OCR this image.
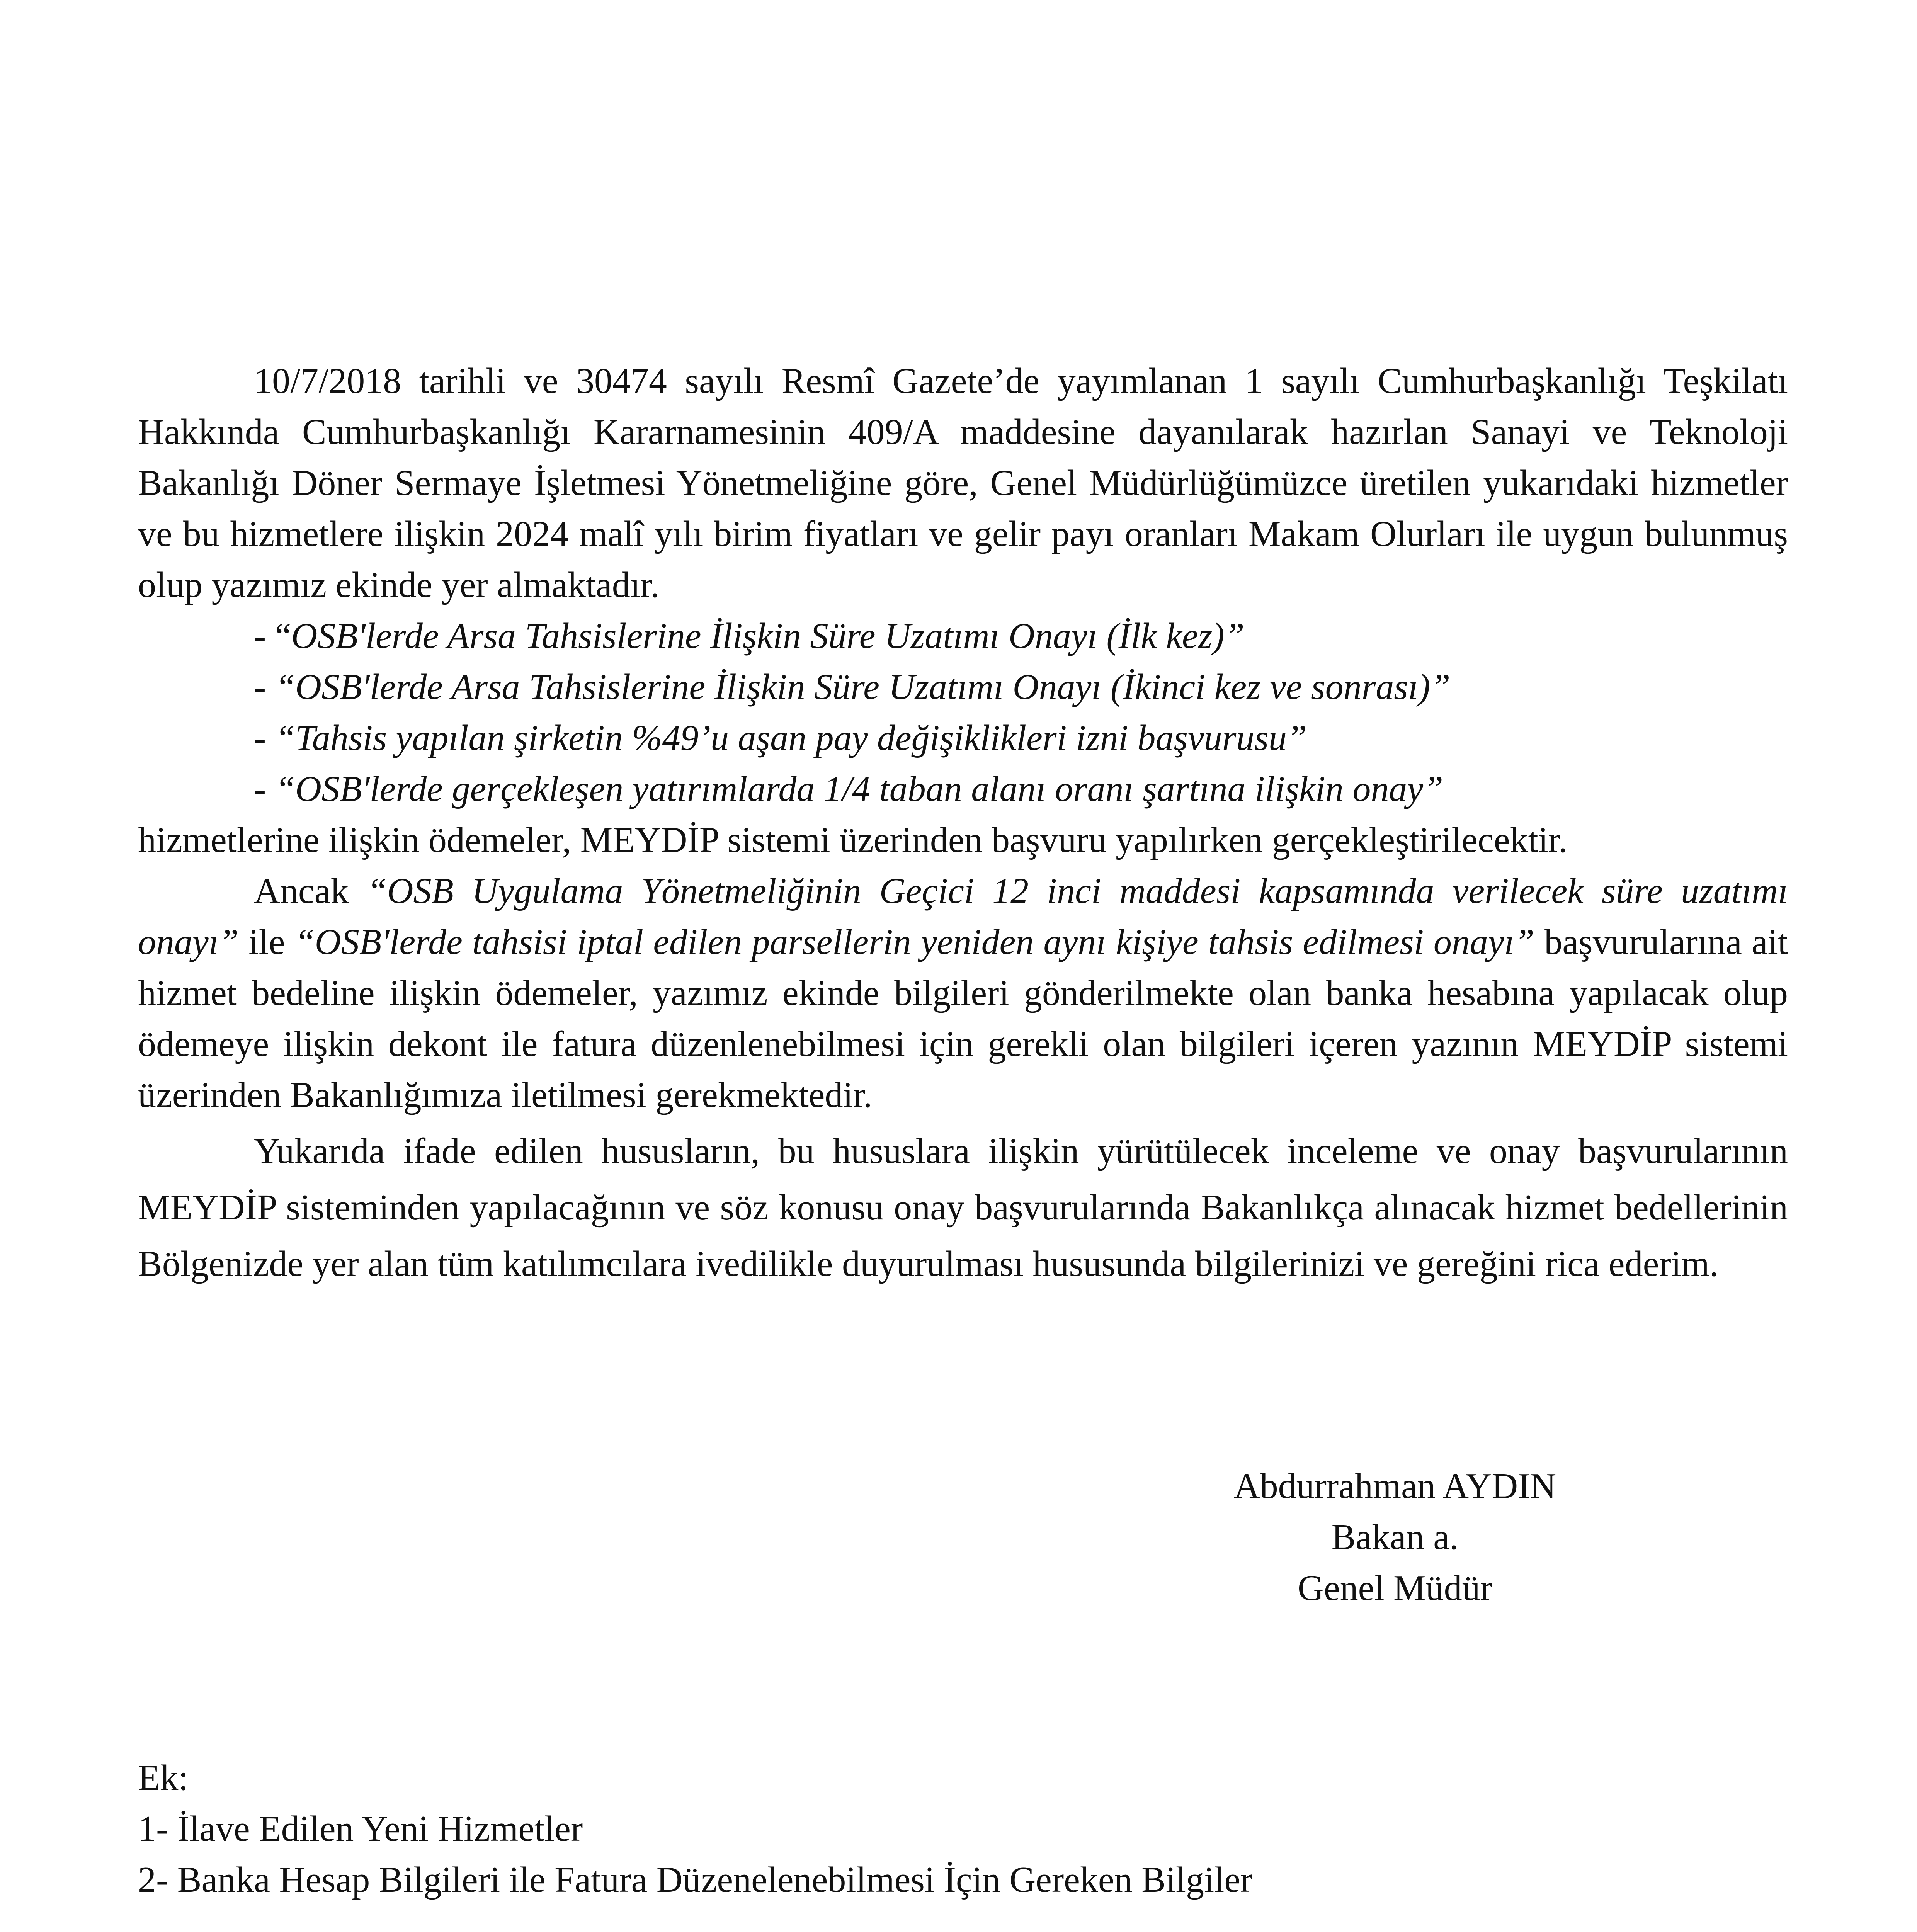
10/7/2018 tarihli ve 30474 sayılı Resmî Gazete’de yayımlanan 1 sayılı Cumhurbaşkanlığı Teşkilatı Hakkında Cumhurbaşkanlığı Kararnamesinin 409/A maddesine dayanılarak hazırlan Sanayi ve Teknoloji Bakanlığı Döner Sermaye İşletmesi Yönetmeliğine göre, Genel Müdürlüğümüzce üretilen yukarıdaki hizmetler ve bu hizmetlere ilişkin 2024 malî yılı birim fiyatları ve gelir payı oranları Makam Olurları ile uygun bulunmuş olup yazımız ekinde yer almaktadır.

- “OSB'lerde Arsa Tahsislerine İlişkin Süre Uzatımı Onayı (İlk kez)”

- “OSB'lerde Arsa Tahsislerine İlişkin Süre Uzatımı Onayı (İkinci kez ve sonrası)”

- “Tahsis yapılan şirketin %49’u aşan pay değişiklikleri izni başvurusu”

- “OSB'lerde gerçekleşen yatırımlarda 1/4 taban alanı oranı şartına ilişkin onay”

hizmetlerine ilişkin ödemeler, MEYDİP sistemi üzerinden başvuru yapılırken gerçekleştirilecektir.

Ancak “OSB Uygulama Yönetmeliğinin Geçici 12 inci maddesi kapsamında verilecek süre uzatımı onayı” ile “OSB'lerde tahsisi iptal edilen parsellerin yeniden aynı kişiye tahsis edilmesi onayı” başvurularına ait hizmet bedeline ilişkin ödemeler, yazımız ekinde bilgileri gönderilmekte olan banka hesabına yapılacak olup ödemeye ilişkin dekont ile fatura düzenlenebilmesi için gerekli olan bilgileri içeren yazının MEYDİP sistemi üzerinden Bakanlığımıza iletilmesi gerekmektedir.

Yukarıda ifade edilen hususların, bu hususlara ilişkin yürütülecek inceleme ve onay başvurularının MEYDİP sisteminden yapılacağının ve söz konusu onay başvurularında Bakanlıkça alınacak hizmet bedellerinin Bölgenizde yer alan tüm katılımcılara ivedilikle duyurulması hususunda bilgilerinizi ve gereğini rica ederim.

Abdurrahman AYDIN
Bakan a.
Genel Müdür
Ek:
1- İlave Edilen Yeni Hizmetler
2- Banka Hesap Bilgileri ile Fatura Düzenelenebilmesi İçin Gereken Bilgiler
